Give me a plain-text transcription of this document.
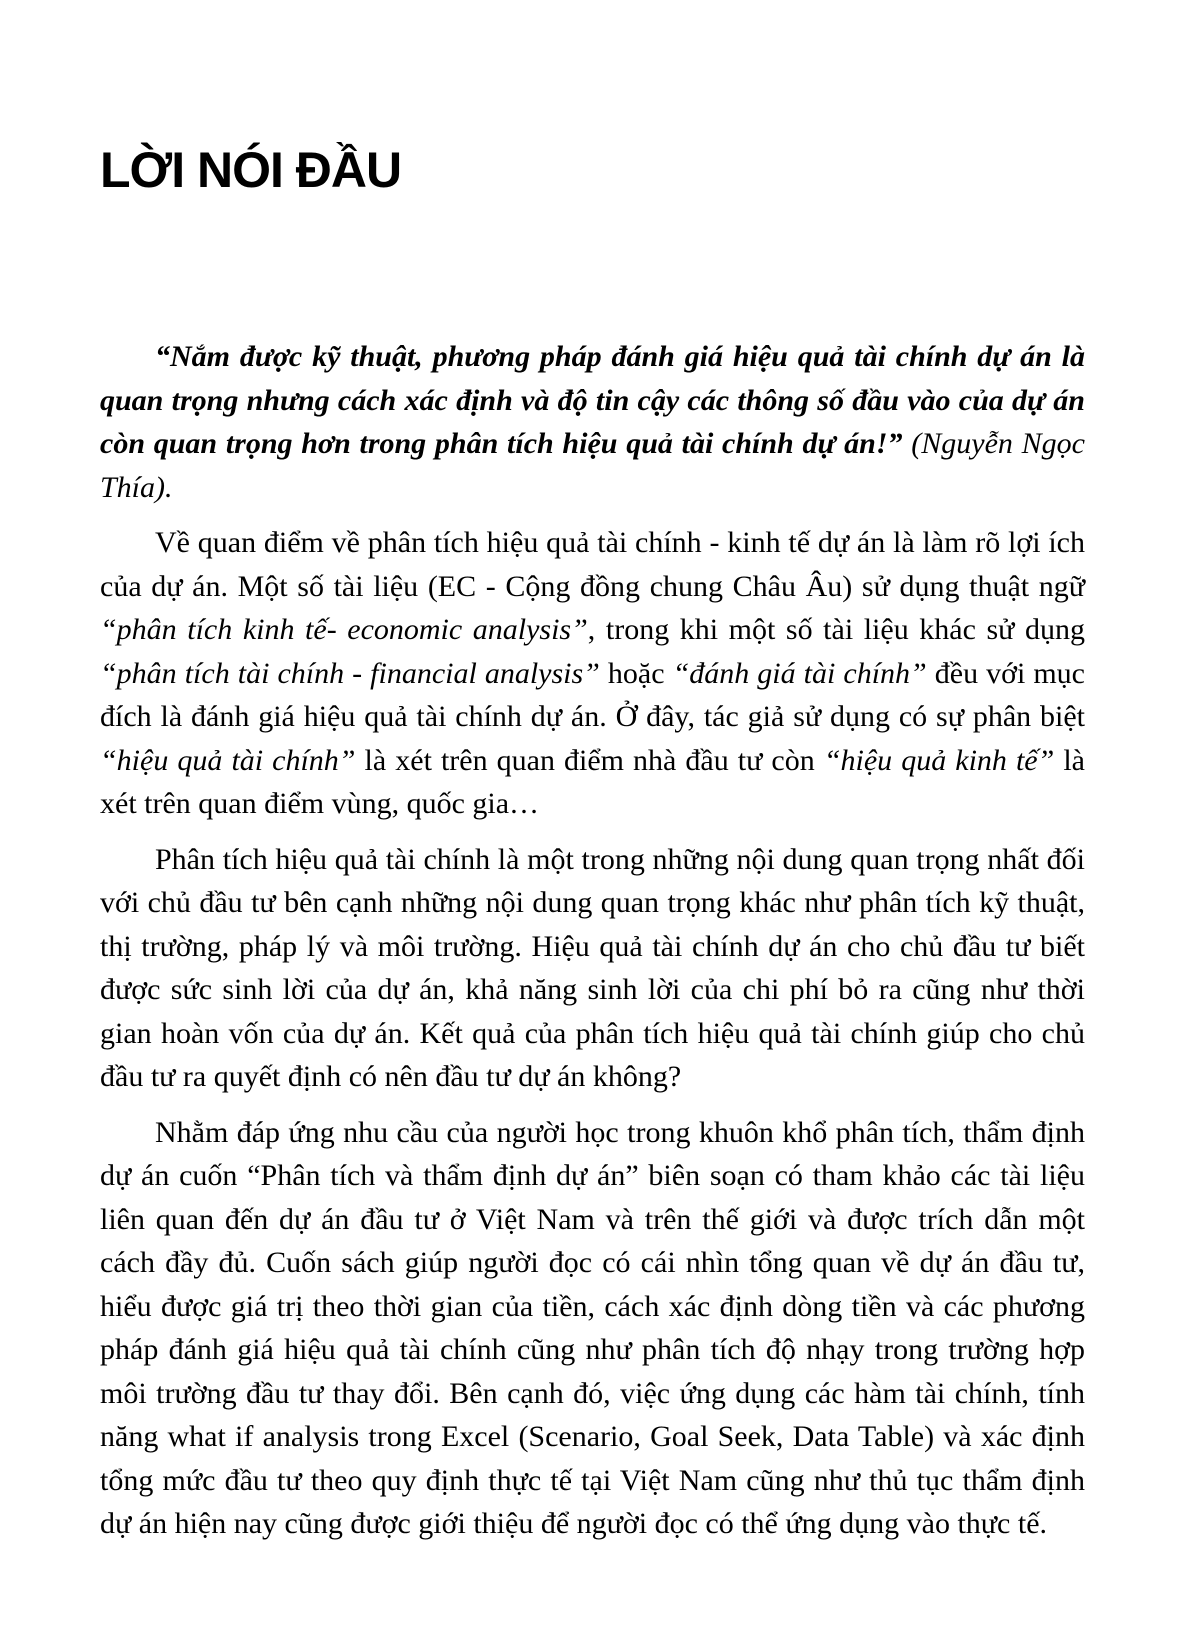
LỜI NÓI ĐẦU

“Nắm được kỹ thuật, phương pháp đánh giá hiệu quả tài chính dự án là quan trọng nhưng cách xác định và độ tin cậy các thông số đầu vào của dự án còn quan trọng hơn trong phân tích hiệu quả tài chính dự án!” (Nguyễn Ngọc Thía).

Về quan điểm về phân tích hiệu quả tài chính - kinh tế dự án là làm rõ lợi ích của dự án. Một số tài liệu (EC - Cộng đồng chung Châu Âu) sử dụng thuật ngữ “phân tích kinh tế- economic analysis”, trong khi một số tài liệu khác sử dụng “phân tích tài chính - financial analysis” hoặc “đánh giá tài chính” đều với mục đích là đánh giá hiệu quả tài chính dự án. Ở đây, tác giả sử dụng có sự phân biệt “hiệu quả tài chính” là xét trên quan điểm nhà đầu tư còn “hiệu quả kinh tế” là xét trên quan điểm vùng, quốc gia…

Phân tích hiệu quả tài chính là một trong những nội dung quan trọng nhất đối với chủ đầu tư bên cạnh những nội dung quan trọng khác như phân tích kỹ thuật, thị trường, pháp lý và môi trường. Hiệu quả tài chính dự án cho chủ đầu tư biết được sức sinh lời của dự án, khả năng sinh lời của chi phí bỏ ra cũng như thời gian hoàn vốn của dự án. Kết quả của phân tích hiệu quả tài chính giúp cho chủ đầu tư ra quyết định có nên đầu tư dự án không?

Nhằm đáp ứng nhu cầu của người học trong khuôn khổ phân tích, thẩm định dự án cuốn “Phân tích và thẩm định dự án” biên soạn có tham khảo các tài liệu liên quan đến dự án đầu tư ở Việt Nam và trên thế giới và được trích dẫn một cách đầy đủ. Cuốn sách giúp người đọc có cái nhìn tổng quan về dự án đầu tư, hiểu được giá trị theo thời gian của tiền, cách xác định dòng tiền và các phương pháp đánh giá hiệu quả tài chính cũng như phân tích độ nhạy trong trường hợp môi trường đầu tư thay đổi. Bên cạnh đó, việc ứng dụng các hàm tài chính, tính năng what if analysis trong Excel (Scenario, Goal Seek, Data Table) và xác định tổng mức đầu tư theo quy định thực tế tại Việt Nam cũng như thủ tục thẩm định dự án hiện nay cũng được giới thiệu để người đọc có thể ứng dụng vào thực tế.
